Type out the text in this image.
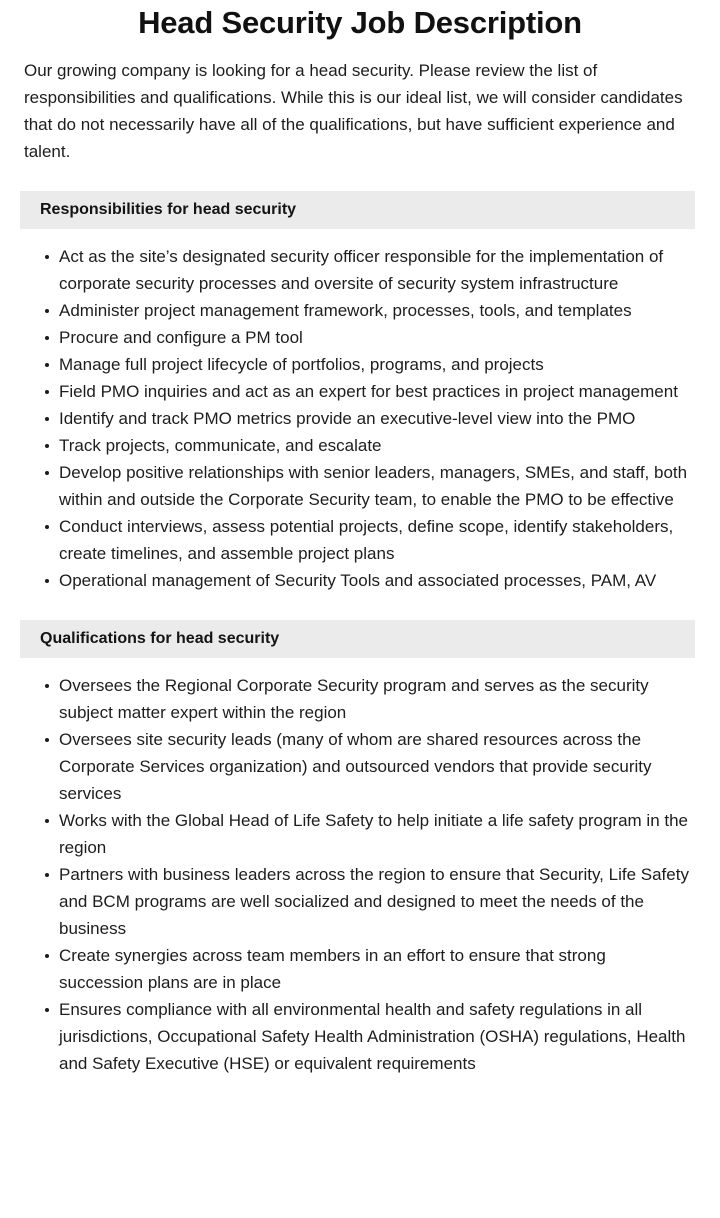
Head Security Job Description

Our growing company is looking for a head security. Please review the list of responsibilities and qualifications. While this is our ideal list, we will consider candidates that do not necessarily have all of the qualifications, but have sufficient experience and talent.

Responsibilities for head security
Act as the site’s designated security officer responsible for the implementation of corporate security processes and oversite of security system infrastructure
Administer project management framework, processes, tools, and templates
Procure and configure a PM tool
Manage full project lifecycle of portfolios, programs, and projects
Field PMO inquiries and act as an expert for best practices in project management
Identify and track PMO metrics provide an executive-level view into the PMO
Track projects, communicate, and escalate
Develop positive relationships with senior leaders, managers, SMEs, and staff, both within and outside the Corporate Security team, to enable the PMO to be effective
Conduct interviews, assess potential projects, define scope, identify stakeholders, create timelines, and assemble project plans
Operational management of Security Tools and associated processes, PAM, AV
Qualifications for head security
Oversees the Regional Corporate Security program and serves as the security subject matter expert within the region
Oversees site security leads (many of whom are shared resources across the Corporate Services organization) and outsourced vendors that provide security services
Works with the Global Head of Life Safety to help initiate a life safety program in the region
Partners with business leaders across the region to ensure that Security, Life Safety and BCM programs are well socialized and designed to meet the needs of the business
Create synergies across team members in an effort to ensure that strong succession plans are in place
Ensures compliance with all environmental health and safety regulations in all jurisdictions, Occupational Safety Health Administration (OSHA) regulations, Health and Safety Executive (HSE) or equivalent requirements
